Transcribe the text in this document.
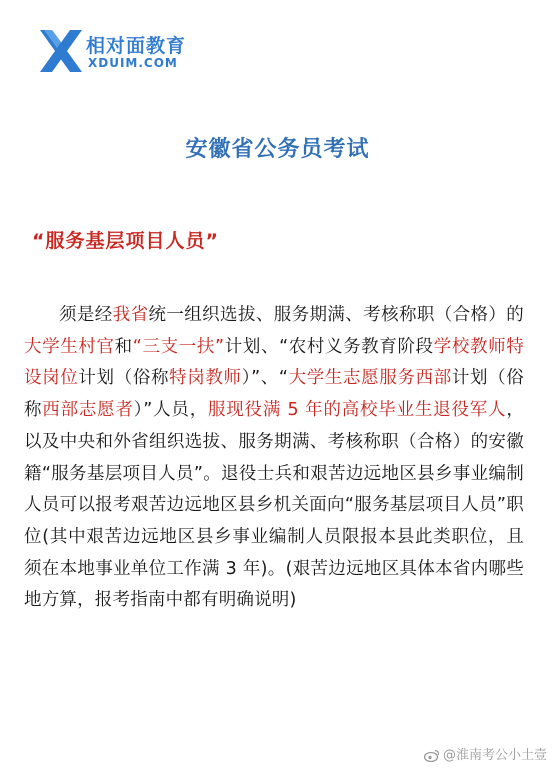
相对面教育
XDUIM.COM
安徽省公务员考试
“服务基层项目人员”
须是经我省统一组织选拔、服务期满、考核称职（合格）的大学生村官和“三支一扶”计划、“农村义务教育阶段学校教师特设岗位计划（俗称特岗教师）”、“大学生志愿服务西部计划（俗称西部志愿者）”人员，服现役满 5 年的高校毕业生退役军人，以及中央和外省组织选拔、服务期满、考核称职（合格）的安徽籍“服务基层项目人员”。退役士兵和艰苦边远地区县乡事业编制人员可以报考艰苦边远地区县乡机关面向“服务基层项目人员”职位(其中艰苦边远地区县乡事业编制人员限报本县此类职位，且须在本地事业单位工作满 3 年)。(艰苦边远地区具体本省内哪些地方算，报考指南中都有明确说明)
@淮南考公小土壹
